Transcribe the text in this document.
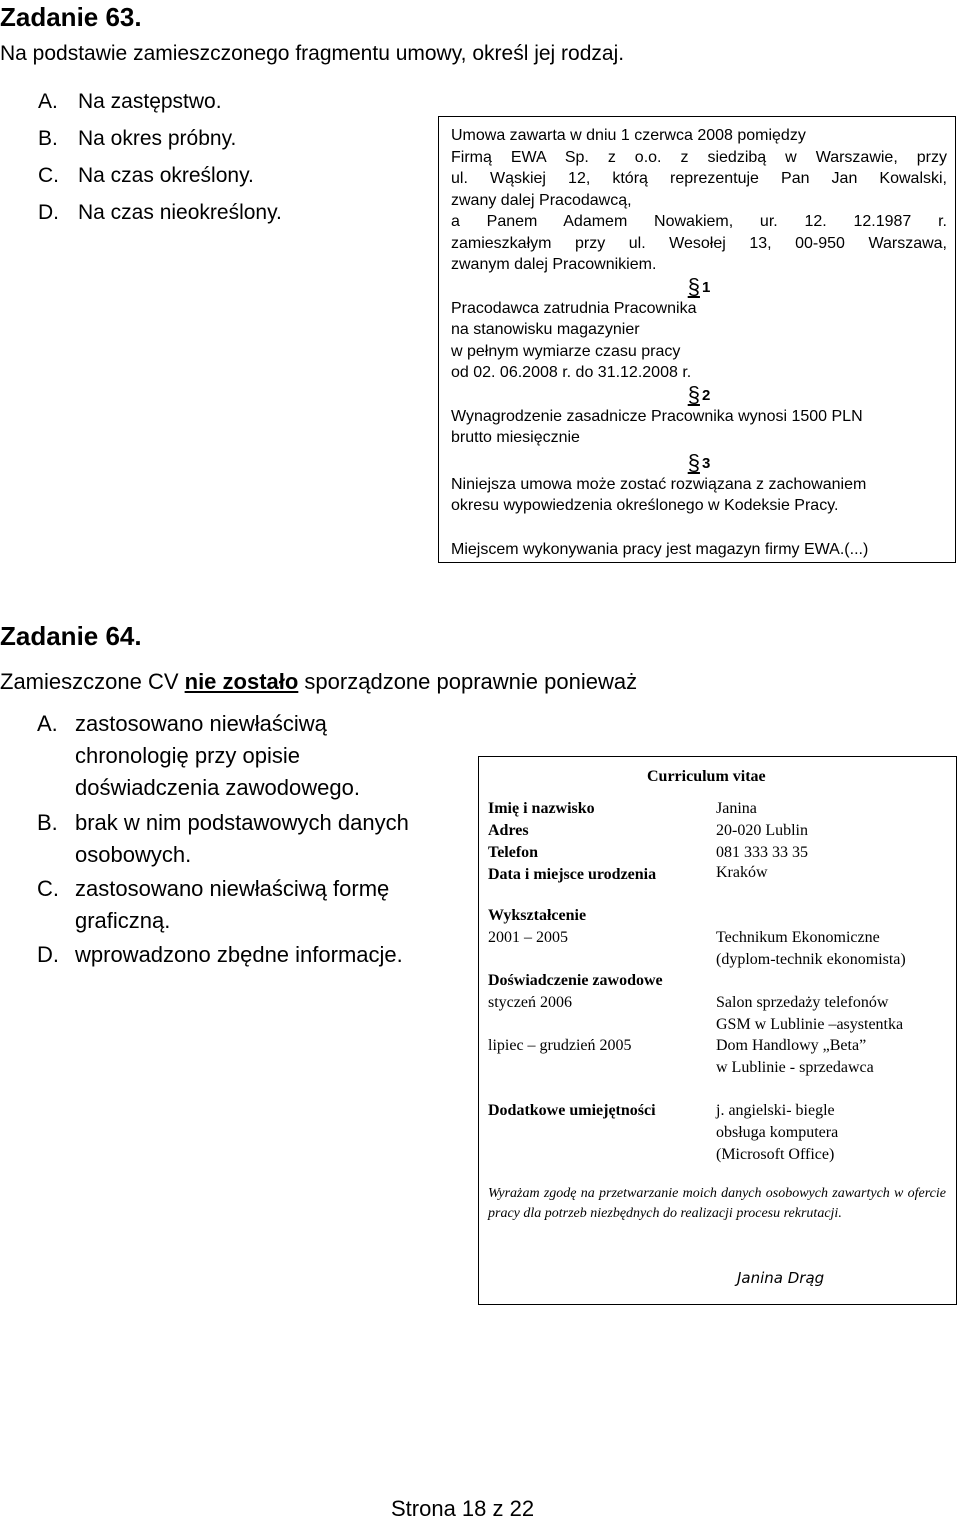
Zadanie 63.
Na podstawie zamieszczonego fragmentu umowy, określ jej rodzaj.
A. Na zastępstwo.
B. Na okres próbny.
C. Na czas określony.
D. Na czas nieokreślony.
Umowa zawarta w dniu 1 czerwca 2008 pomiędzy
Firmą EWA Sp. z o.o. z siedzibą w Warszawie, przy
ul. Wąskiej 12, którą reprezentuje Pan Jan Kowalski,
zwany dalej Pracodawcą,
a Panem Adamem Nowakiem, ur. 12. 12.1987 r.
zamieszkałym przy ul. Wesołej 13, 00-950 Warszawa,
zwanym dalej Pracownikiem.
§ 1
Pracodawca zatrudnia Pracownika
na stanowisku magazynier
w pełnym wymiarze czasu pracy
od 02. 06.2008 r. do 31.12.2008 r.
§ 2
Wynagrodzenie zasadnicze Pracownika wynosi 1500 PLN
brutto miesięcznie
§ 3
Niniejsza umowa może zostać rozwiązana z zachowaniem
okresu wypowiedzenia określonego w Kodeksie Pracy.
Miejscem wykonywania pracy jest magazyn firmy EWA.(...)
Zadanie 64.
Zamieszczone CV nie zostało sporządzone poprawnie ponieważ
A. zastosowano niewłaściwą
chronologię przy opisie
doświadczenia zawodowego.
B. brak w nim podstawowych danych
osobowych.
C. zastosowano niewłaściwą formę
graficzną.
D. wprowadzono zbędne informacje.
Curriculum vitae
Imię i nazwisko	Janina
Adres	20-020 Lublin
Telefon	081 333 33 35
Data i miejsce urodzenia	Kraków
Wykształcenie
2001 – 2005	Technikum Ekonomiczne
(dyplom-technik ekonomista)
Doświadczenie zawodowe
styczeń 2006	Salon sprzedaży telefonów
GSM w Lublinie –asystentka
lipiec – grudzień 2005	Dom Handlowy „Beta”
w Lublinie - sprzedawca
Dodatkowe umiejętności	j. angielski- biegle
obsługa komputera
(Microsoft Office)
Wyrażam zgodę na przetwarzanie moich danych osobowych zawartych w ofercie pracy dla potrzeb niezbędnych do realizacji procesu rekrutacji.
Janina Drąg
Strona 18 z 22
